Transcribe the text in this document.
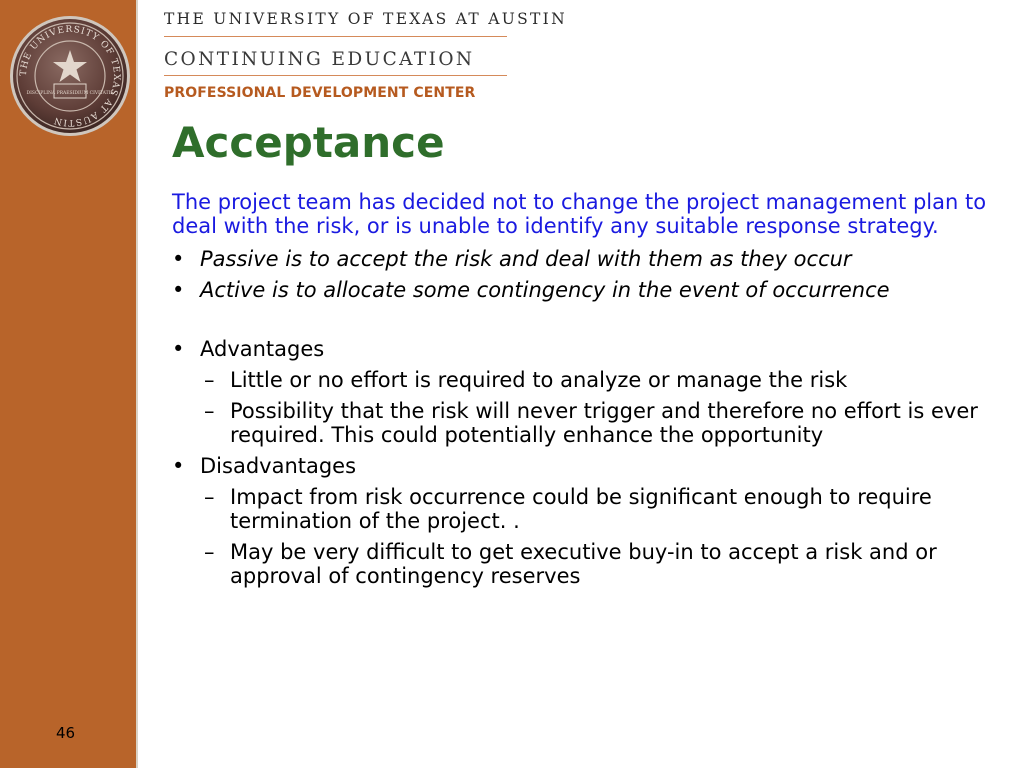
THE UNIVERSITY OF TEXAS AT AUSTIN
DISCIPLINA PRAESIDIUM CIVITATIS
THE UNIVERSITY OF TEXAS AT AUSTIN
CONTINUING EDUCATION
PROFESSIONAL DEVELOPMENT CENTER
Acceptance

The project team has decided not to change the project management plan to deal with the risk, or is unable to identify any suitable response strategy.

• Passive is to accept the risk and deal with them as they occur
• Active is to allocate some contingency in the event of occurrence
• Advantages
– Little or no effort is required to analyze or manage the risk
– Possibility that the risk will never trigger and therefore no effort is ever required. This could potentially enhance the opportunity
• Disadvantages
– Impact from risk occurrence could be significant enough to require termination of the project. .
– May be very difficult to get executive buy-in to accept a risk and or approval of contingency reserves
46
